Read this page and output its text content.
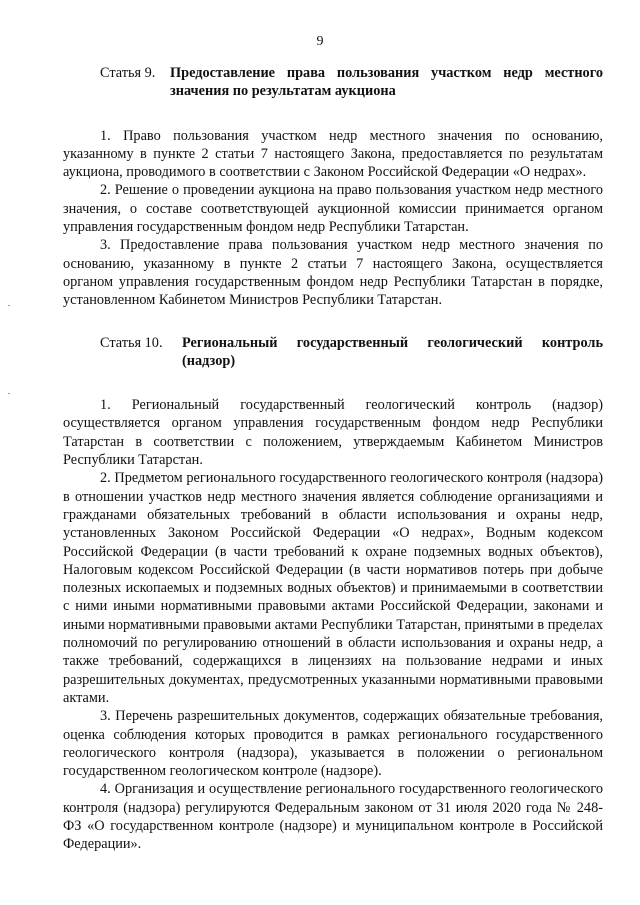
9
Статья 9.	Предоставление права пользования участком недр местного значения по результатам аукциона

1. Право пользования участком недр местного значения по основанию, указанному в пункте 2 статьи 7 настоящего Закона, предоставляется по результатам аукциона, проводимого в соответствии с Законом Российской Федерации «О недрах».

2. Решение о проведении аукциона на право пользования участком недр местного значения, о составе соответствующей аукционной комиссии принимается органом управления государственным фондом недр Республики Татарстан.

3. Предоставление права пользования участком недр местного значения по основанию, указанному в пункте 2 статьи 7 настоящего Закона, осуществляется органом управления государственным фондом недр Республики Татарстан в порядке, установленном Кабинетом Министров Республики Татарстан.

Статья 10.	Региональный государственный геологический контроль (надзор)

1. Региональный государственный геологический контроль (надзор) осуществляется органом управления государственным фондом недр Республики Татарстан в соответствии с положением, утверждаемым Кабинетом Министров Республики Татарстан.

2. Предметом регионального государственного геологического контроля (надзора) в отношении участков недр местного значения является соблюдение организациями и гражданами обязательных требований в области использования и охраны недр, установленных Законом Российской Федерации «О недрах», Водным кодексом Российской Федерации (в части требований к охране подземных водных объектов), Налоговым кодексом Российской Федерации (в части нормативов потерь при добыче полезных ископаемых и подземных водных объектов) и принимаемыми в соответствии с ними иными нормативными правовыми актами Российской Федерации, законами и иными нормативными правовыми актами Республики Татарстан, принятыми в пределах полномочий по регулированию отношений в области использования и охраны недр, а также требований, содержащихся в лицензиях на пользование недрами и иных разрешительных документах, предусмотренных указанными нормативными правовыми актами.

3. Перечень разрешительных документов, содержащих обязательные требования, оценка соблюдения которых проводится в рамках регионального государственного геологического контроля (надзора), указывается в положении о региональном государственном геологическом контроле (надзоре).

4. Организация и осуществление регионального государственного геологического контроля (надзора) регулируются Федеральным законом от 31 июля 2020 года № 248-ФЗ «О государственном контроле (надзоре) и муниципальном контроле в Российской Федерации».
